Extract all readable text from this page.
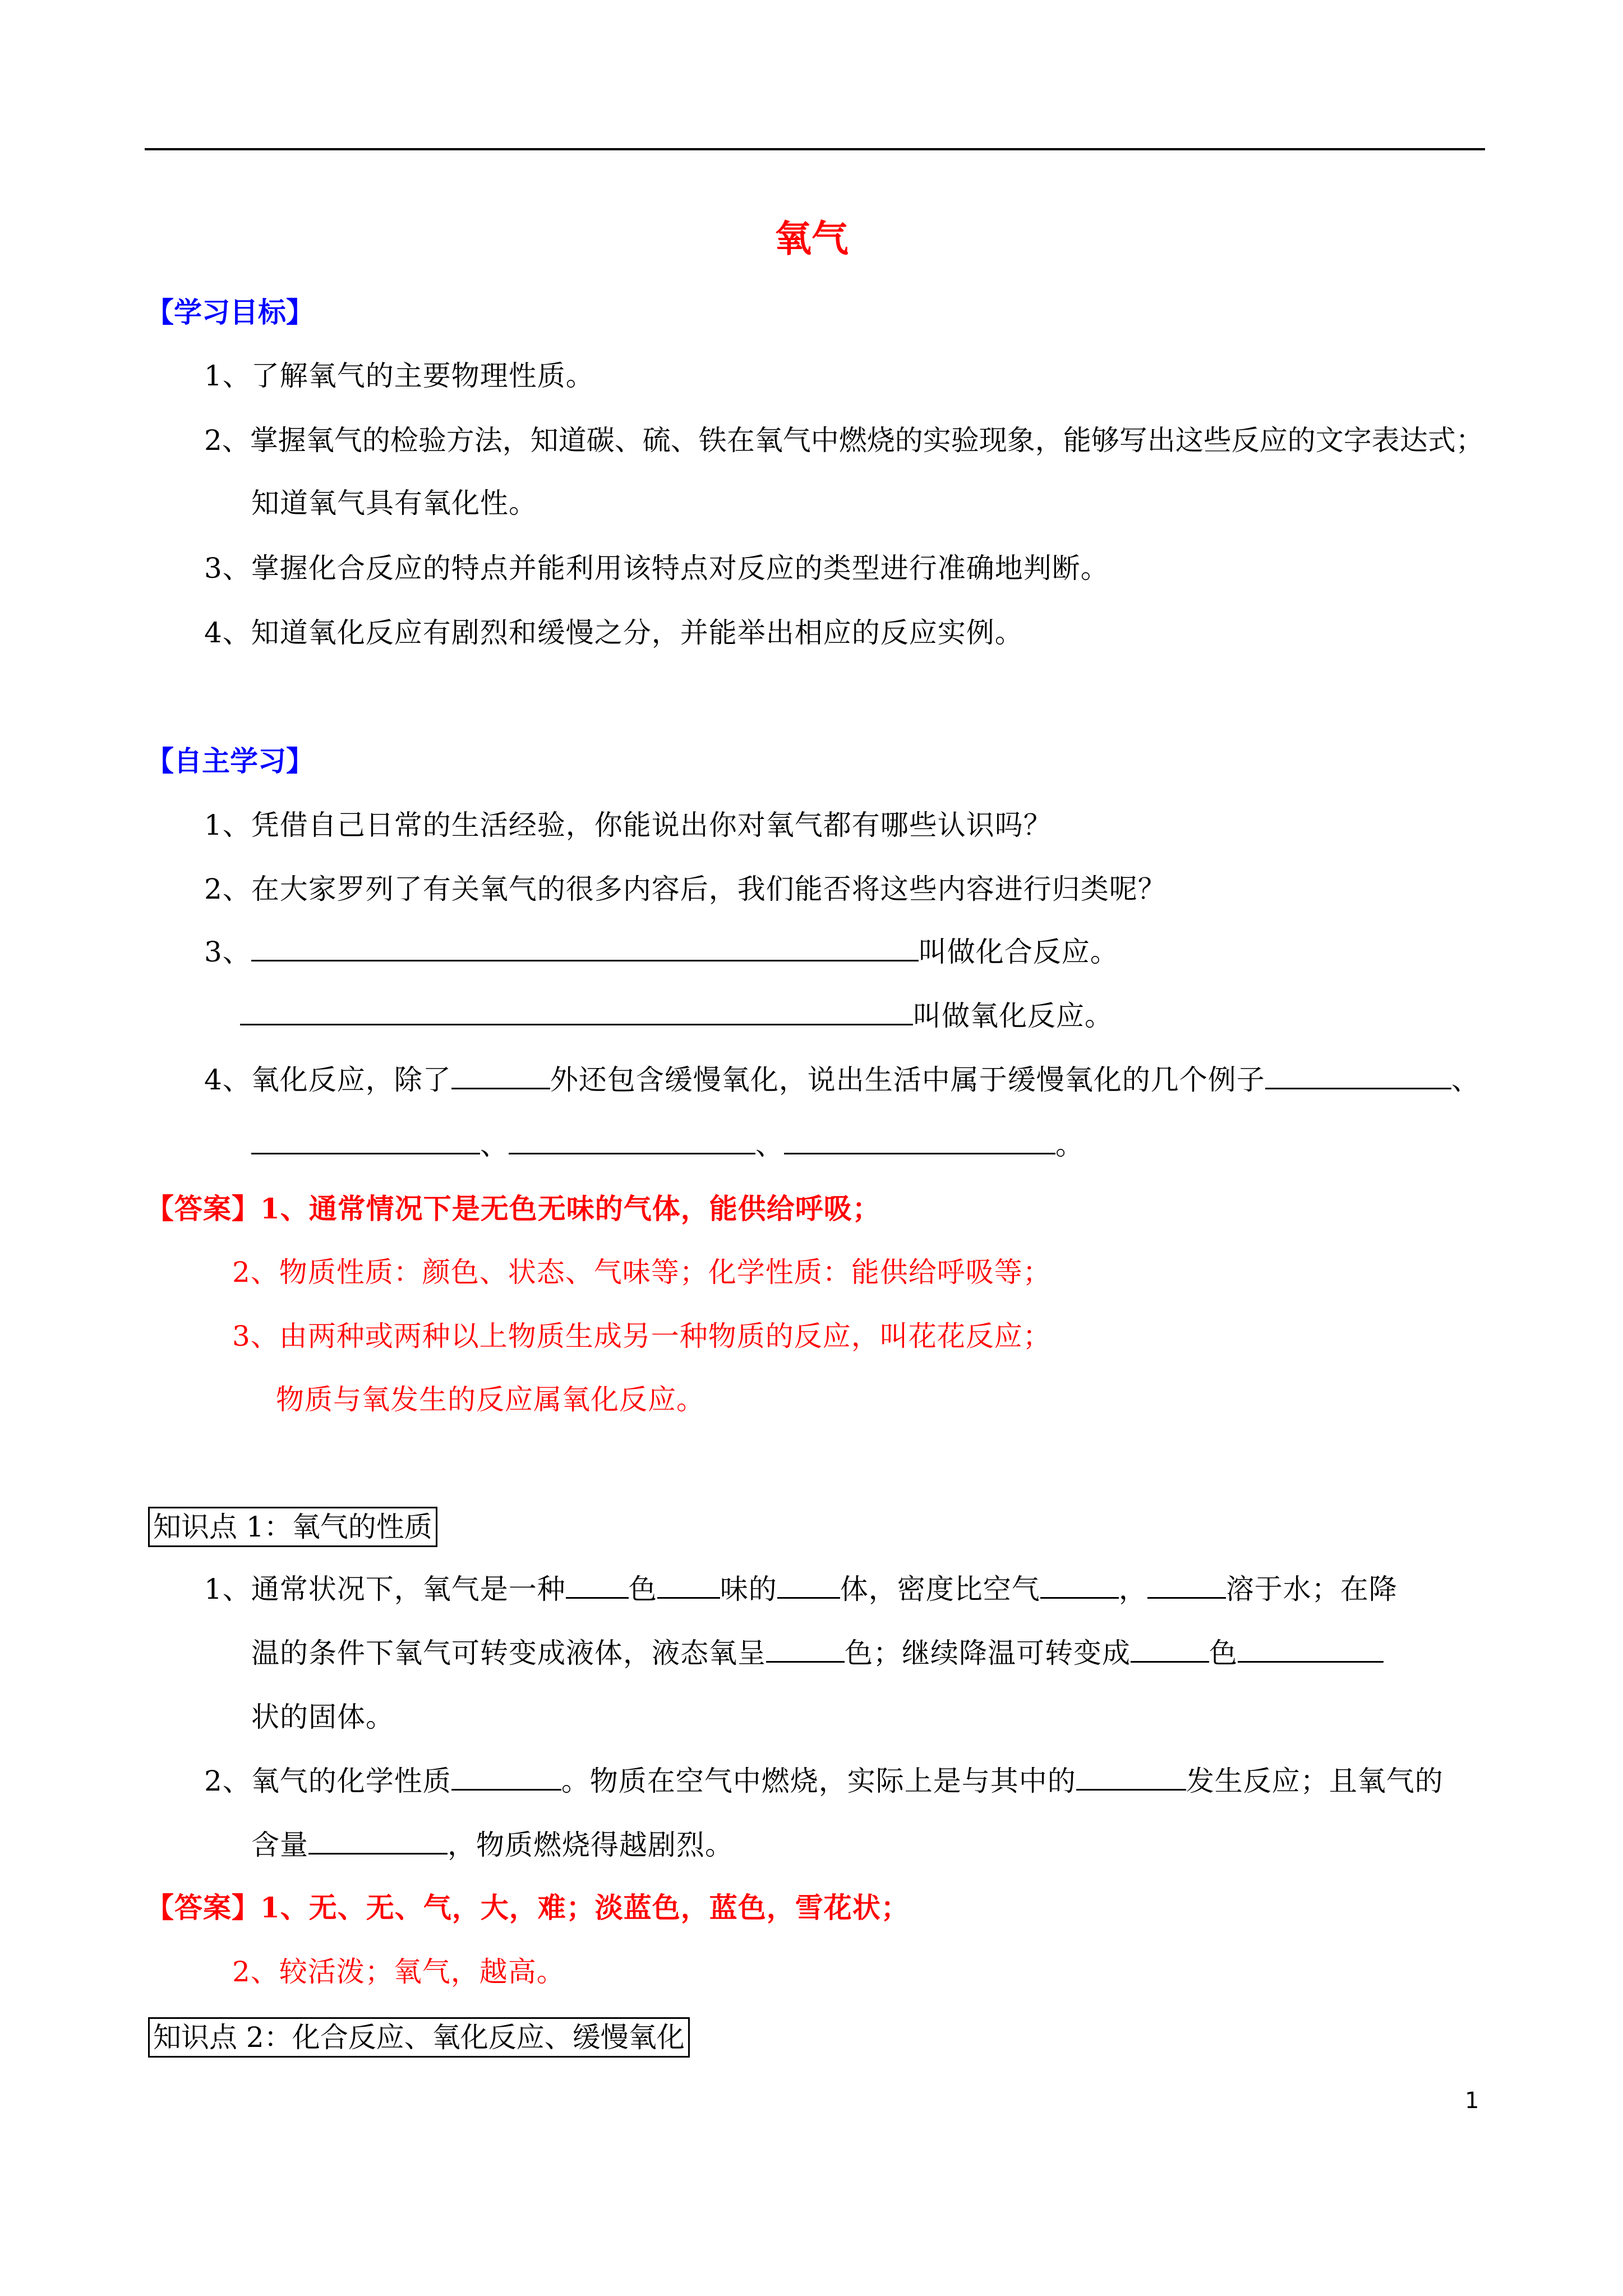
氧气
【学习目标】
1、了解氧气的主要物理性质。
2、掌握氧气的检验方法，知道碳、硫、铁在氧气中燃烧的实验现象，能够写出这些反应的文字表达式；
知道氧气具有氧化性。
3、掌握化合反应的特点并能利用该特点对反应的类型进行准确地判断。
4、知道氧化反应有剧烈和缓慢之分，并能举出相应的反应实例。
【自主学习】
1、凭借自己日常的生活经验，你能说出你对氧气都有哪些认识吗？
2、在大家罗列了有关氧气的很多内容后，我们能否将这些内容进行归类呢？
3、	叫做化合反应。
叫做氧化反应。
4、氧化反应，除了	外还包含缓慢氧化，说出生活中属于缓慢氧化的几个例子	、
、	、	。
【答案】1、通常情况下是无色无味的气体，能供给呼吸；
2、物质性质：颜色、状态、气味等；化学性质：能供给呼吸等；
3、由两种或两种以上物质生成另一种物质的反应，叫花花反应；
物质与氧发生的反应属氧化反应。
知识点 1：氧气的性质
1、通常状况下，氧气是一种 色 味的 体，密度比空气	，	溶于水；在降
温的条件下氧气可转变成液体，液态氧呈	色；继续降温可转变成	色
状的固体。
2、氧气的化学性质	。物质在空气中燃烧，实际上是与其中的	发生反应；且氧气的
含量	，物质燃烧得越剧烈。
【答案】1、无、无、气，大，难；淡蓝色，蓝色，雪花状；
2、较活泼；氧气，越高。
知识点 2：化合反应、氧化反应、缓慢氧化
1
